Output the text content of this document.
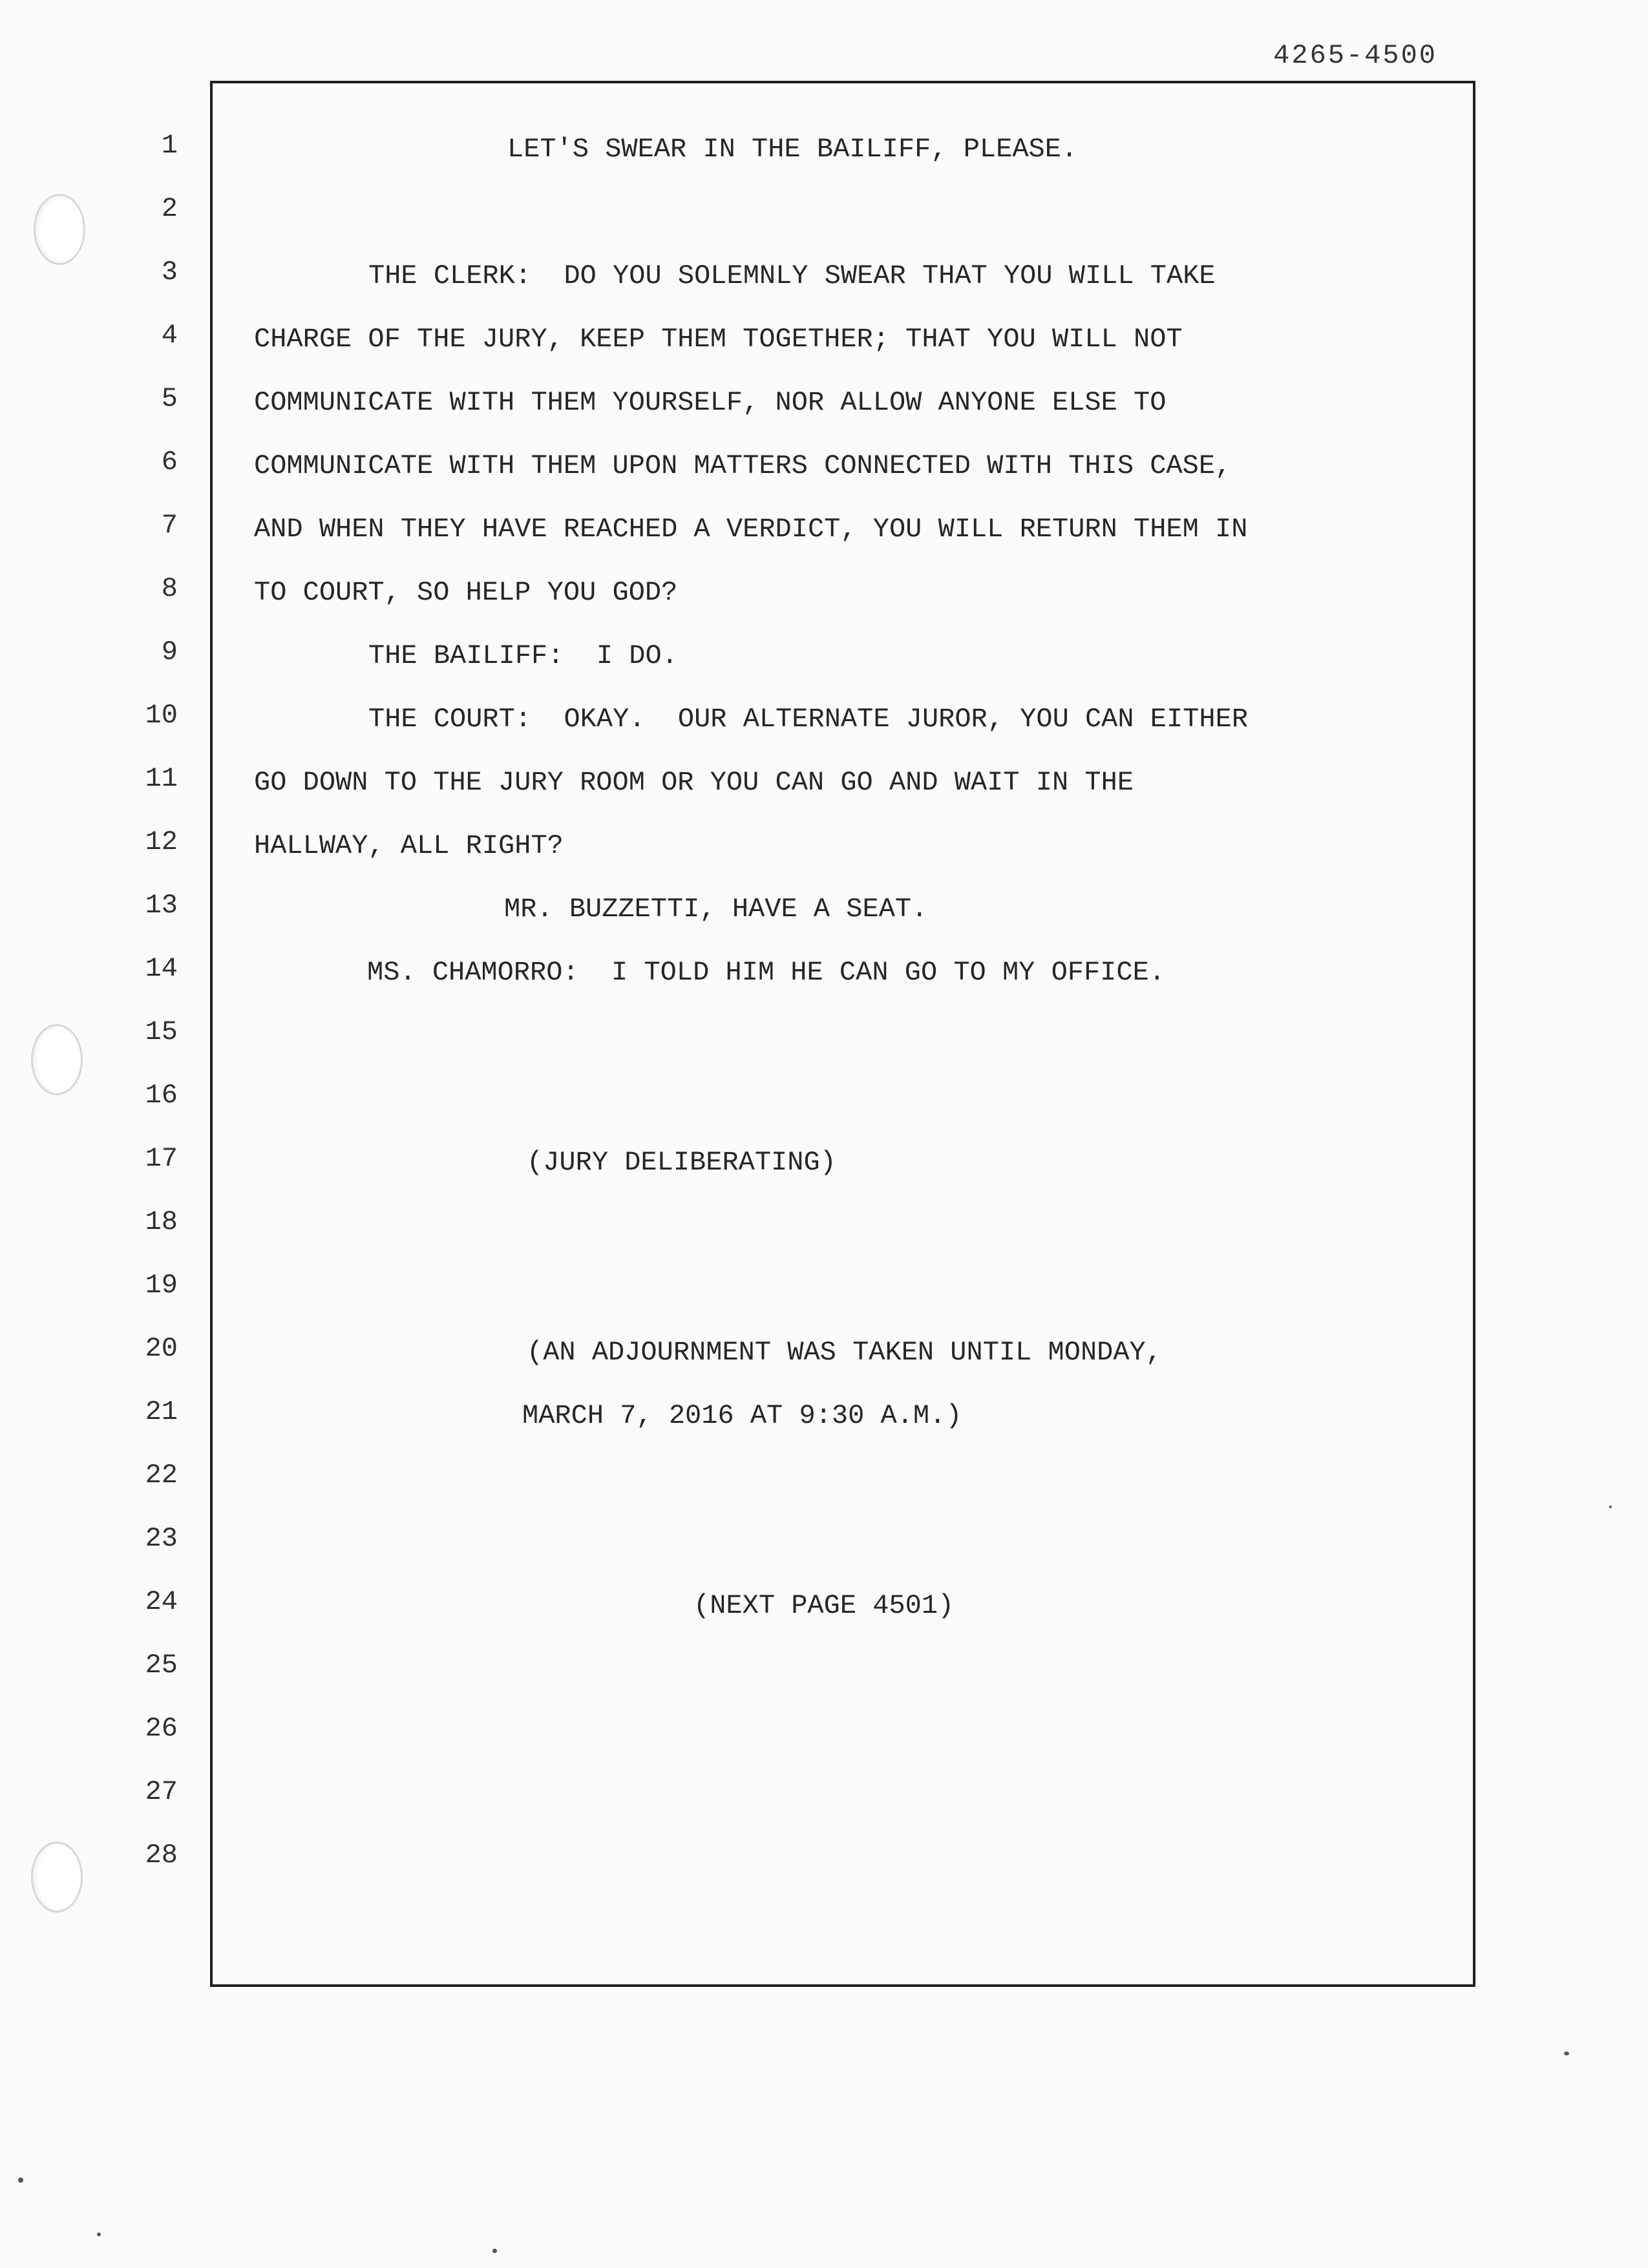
4265-4500
1
2
3
4
5
6
7
8
9
10
11
12
13
14
15
16
17
18
19
20
21
22
23
24
25
26
27
28
LET'S SWEAR IN THE BAILIFF, PLEASE.
THE CLERK:  DO YOU SOLEMNLY SWEAR THAT YOU WILL TAKE
CHARGE OF THE JURY, KEEP THEM TOGETHER; THAT YOU WILL NOT
COMMUNICATE WITH THEM YOURSELF, NOR ALLOW ANYONE ELSE TO
COMMUNICATE WITH THEM UPON MATTERS CONNECTED WITH THIS CASE,
AND WHEN THEY HAVE REACHED A VERDICT, YOU WILL RETURN THEM IN
TO COURT, SO HELP YOU GOD?
THE BAILIFF:  I DO.
THE COURT:  OKAY.  OUR ALTERNATE JUROR, YOU CAN EITHER
GO DOWN TO THE JURY ROOM OR YOU CAN GO AND WAIT IN THE
HALLWAY, ALL RIGHT?
MR. BUZZETTI, HAVE A SEAT.
MS. CHAMORRO:  I TOLD HIM HE CAN GO TO MY OFFICE.
(JURY DELIBERATING)
(AN ADJOURNMENT WAS TAKEN UNTIL MONDAY,
MARCH 7, 2016 AT 9:30 A.M.)
(NEXT PAGE 4501)
